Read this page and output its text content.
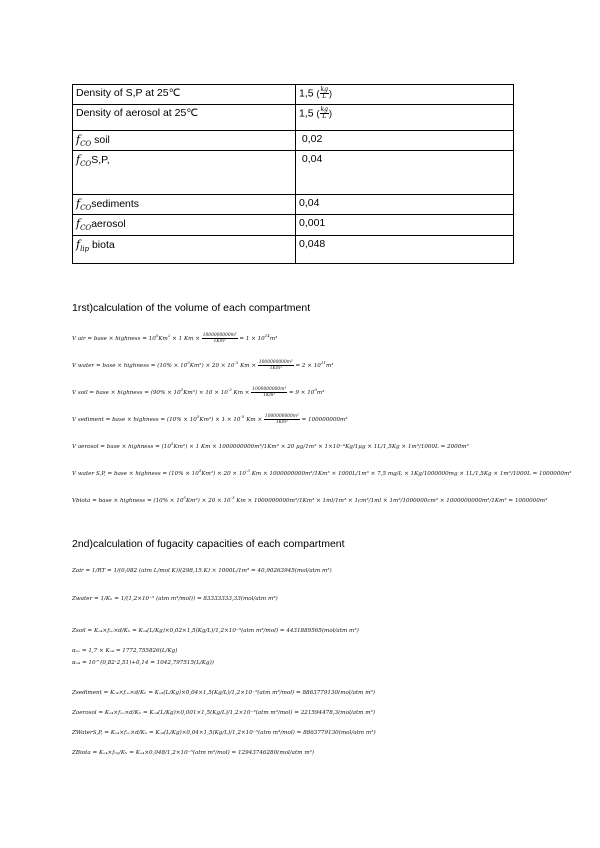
Density of S,P at 25℃	1,5 ( $\frac{kg}{L}$ )
Density of aerosol at 25℃	1,5 ( $\frac{kg}{L}$ )
$f_{CO}$ soil	0,02
$f_{CO}S,P$,	0,04
$f_{CO}sediments$	0,04
$f_{CO}aerosol$	0,001
$f_{lip}$ biota	0,048
1rst)calculation of the volume of each compartment
V air = base × highness = $10^5Km^2 \times 1$ $Km \times \frac{\text{1000000000m³}}{\text{1Km³}} = 1 \times 10^{14}m^3$
V water = base × highness = $(10\% \times 10^5Km^2) \times 20 \times 10^{-3}$ $Km \times \frac{\text{1000000000m³}}{\text{1Km³}} = 2 \times 10^{11}m^3$
V soil = base × highness = $(90\% \times 10^5Km^2) \times 10 \times 10^{-5}$ $Km \times \frac{\text{1000000000m³}}{\text{1Km³}} = 9 \times 10^9m^3$
V sediment = base × highness = $(10\% \times 10^5Km^2) \times 1 \times 10^{-5}$ $Km \times \frac{\text{1000000000m³}}{\text{1Km³}} = 100000000m^3$
V aerosol = base × highness = $(10^5Km^2) \times 1$ Km × 1000000000m³/1Km³ × 20 μg/1m³ × 1×10⁻⁹Kg/1μg × 1L/1,5Kg × 1m³/1000L = 2000m³
V water S,P, = base × highness = $(10\% \times 10^5Km^2) \times 20 \times 10^{-3}$ Km × 1000000000m³/1Km³ × 1000L/1m³ × 7,5 mg/L × 1Kg/1000000mg × 1L/1,5Kg × 1m³/1000L = 1000000m³
Vbiota = base × highness = $(10\% \times 10^5Km^2) \times 20 \times 10^{-3}$ Km × 1000000000m³/1Km³ × 1ml/1m³ × 1cm³/1ml × 1m³/1000000cm³ × 1000000000m³/1Km³ = 1000000m³
2nd)calculation of fugacity capacities of each compartment
Zair = 1/RT = 1/(0,082 (atm L/mol K))(298,15 K) × 1000L/1m³ = 40,90263945(mol/atm m³)
Zwater = 1/Kₕ = 1/(1,2×10⁻⁵ (atm m³/mol)) = 83333333,33(mol/atm m³)
Zsoil = Kₒ₄×fₒₒ×d/Kₕ = Kₒ₄(L/Kg)×0,02×1,5(Kg/L)/1,2×10⁻⁵(atm m³/mol) = 4431889565(mol/atm m³)
αₒₒ = 1,7 × Kₒ₄ = 1772,755826(L/Kg)
αₒ₄ = 10^(0,82·2,51)+0,14 = 1042,797515(L/Kg))
Zsediment = Kₒ₄×fₒₒ×d/Kₕ = Kₒ₄(L/Kg)×0,04×1,5(Kg/L)/1,2×10⁻⁵(atm m³/mol) = 8863779130(mol/atm m³)
Zaerosol = Kₒ₄×fₒₒ×d/Kₕ = Kₒ₄(L/Kg)×0,001×1,5(Kg/L)/1,2×10⁻⁵(atm m³/mol) = 221594478,3(mol/atm m³)
ZWaterS,P, = Kₒ₄×fₒₒ×d/Kₕ = Kₒ₄(L/Kg)×0,04×1,5(Kg/L)/1,2×10⁻⁵(atm m³/mol) = 8863779130(mol/atm m³)
ZBiota = Kₒ₄×fₗᵢₚ/Kₕ = Kₒ₄×0,048/1,2×10⁻⁵(atm m³/mol) = 12943746280(mol/atm m³)
